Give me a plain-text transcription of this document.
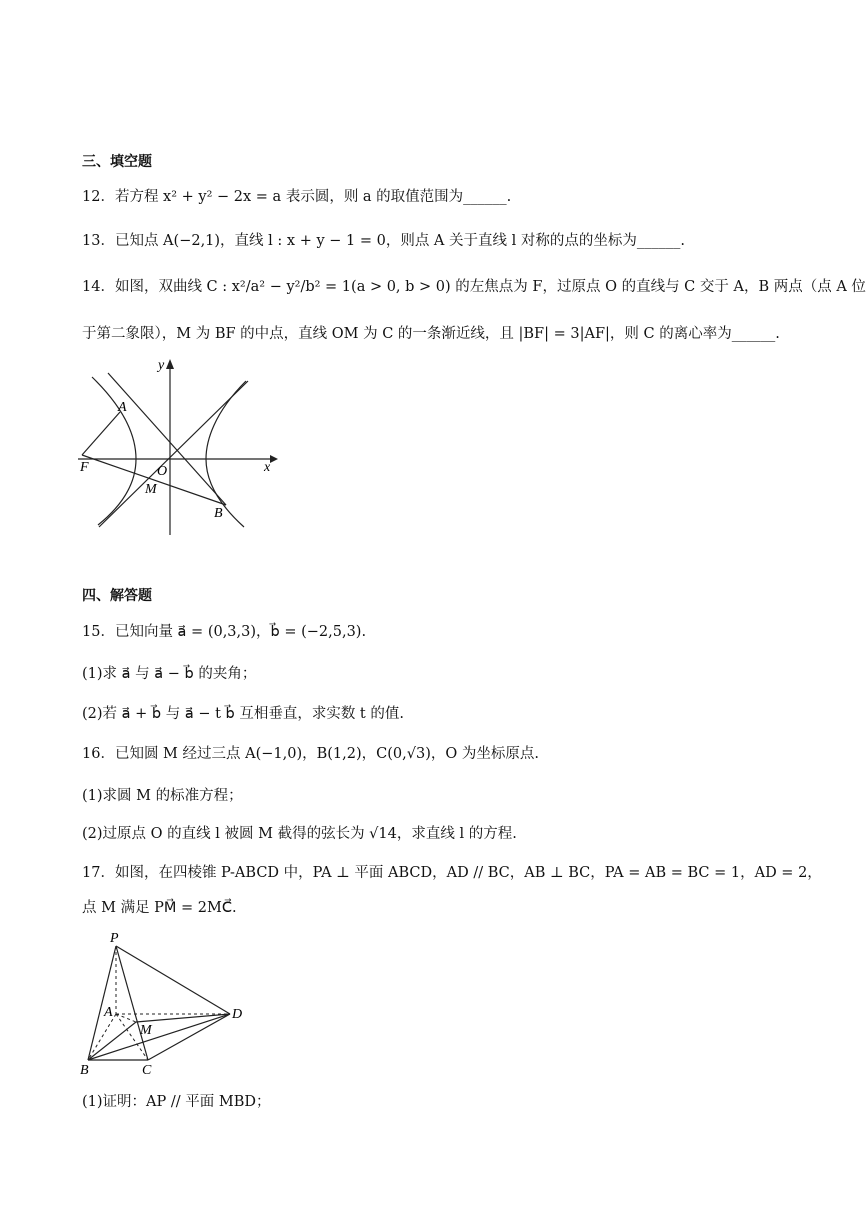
三、填空题
12．若方程 x² + y² − 2x = a 表示圆，则 a 的取值范围为______.
13．已知点 A(−2,1)，直线 l : x + y − 1 = 0，则点 A 关于直线 l 对称的点的坐标为______.
14．如图，双曲线 C : x²/a² − y²/b² = 1(a > 0, b > 0) 的左焦点为 F，过原点 O 的直线与 C 交于 A，B 两点（点 A 位
于第二象限），M 为 BF 的中点，直线 OM 为 C 的一条渐近线，且 |BF| = 3|AF|，则 C 的离心率为______.
y
x
A
F	O
M
B
四、解答题
15．已知向量 a⃗ = (0,3,3)，b⃗ = (−2,5,3).
(1)求 a⃗ 与 a⃗ − b⃗ 的夹角；
(2)若 a⃗ + b⃗ 与 a⃗ − t b⃗ 互相垂直，求实数 t 的值.
16．已知圆 M 经过三点 A(−1,0)，B(1,2)，C(0,√3)，O 为坐标原点.
(1)求圆 M 的标准方程；
(2)过原点 O 的直线 l 被圆 M 截得的弦长为 √14，求直线 l 的方程.
17．如图，在四棱锥 P-ABCD 中，PA ⊥ 平面 ABCD，AD // BC，AB ⊥ BC，PA = AB = BC = 1，AD = 2，
点 M 满足 PM⃗ = 2MC⃗.
P
A
M
D
B	C
(1)证明：AP // 平面 MBD；
